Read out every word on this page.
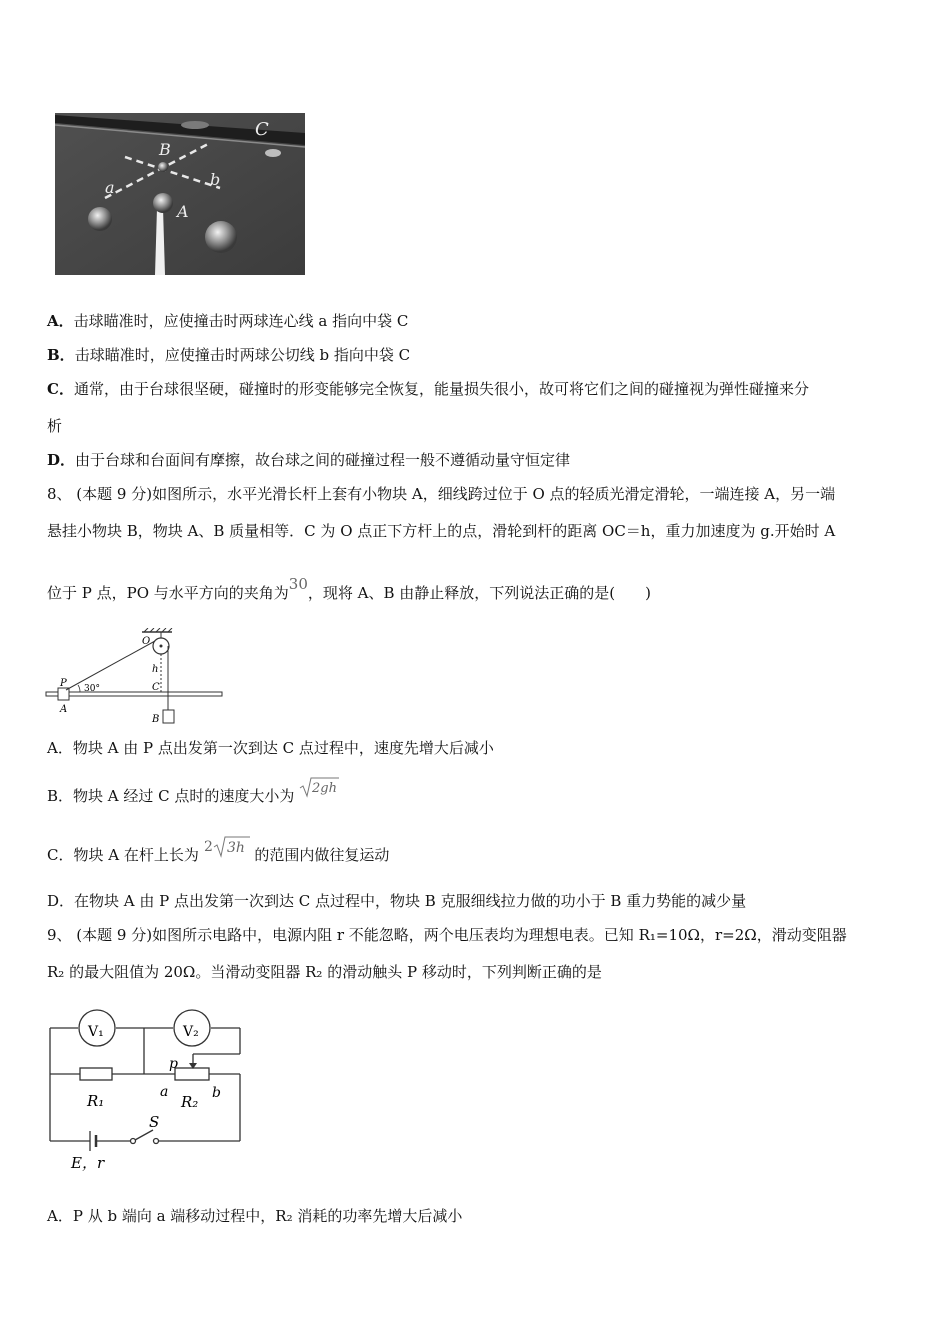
C
B
a	b
A
A．击球瞄准时，应使撞击时两球连心线 a 指向中袋 C
B．击球瞄准时，应使撞击时两球公切线 b 指向中袋 C
C．通常，由于台球很坚硬，碰撞时的形变能够完全恢复，能量损失很小，故可将它们之间的碰撞视为弹性碰撞来分
析
D．由于台球和台面间有摩擦，故台球之间的碰撞过程一般不遵循动量守恒定律
8、 (本题 9 分)如图所示，水平光滑长杆上套有小物块 A，细线跨过位于 O 点的轻质光滑定滑轮，一端连接 A，另一端
悬挂小物块 B，物块 A、B 质量相等．C 为 O 点正下方杆上的点，滑轮到杆的距离 OC＝h，重力加速度为 g.开始时 A
位于 P 点，PO 与水平方向的夹角为30，现将 A、B 由静止释放，下列说法正确的是(　　)
O
h
P 30°	C
A
B
A．物块 A 由 P 点出发第一次到达 C 点过程中，速度先增大后减小
B．物块 A 经过 C 点时的速度大小为 2gh
C．物块 A 在杆上长为 2 3h 的范围内做往复运动
D．在物块 A 由 P 点出发第一次到达 C 点过程中，物块 B 克服细线拉力做的功小于 B 重力势能的减少量
9、 (本题 9 分)如图所示电路中，电源内阻 r 不能忽略，两个电压表均为理想电表。已知 R₁=10Ω，r=2Ω，滑动变阻器
R₂ 的最大阻值为 20Ω。当滑动变阻器 R₂ 的滑动触头 P 移动时，下列判断正确的是
V₁	V₂
p
a	b
R₁	R₂
S
E，r
A．P 从 b 端向 a 端移动过程中，R₂ 消耗的功率先增大后减小
